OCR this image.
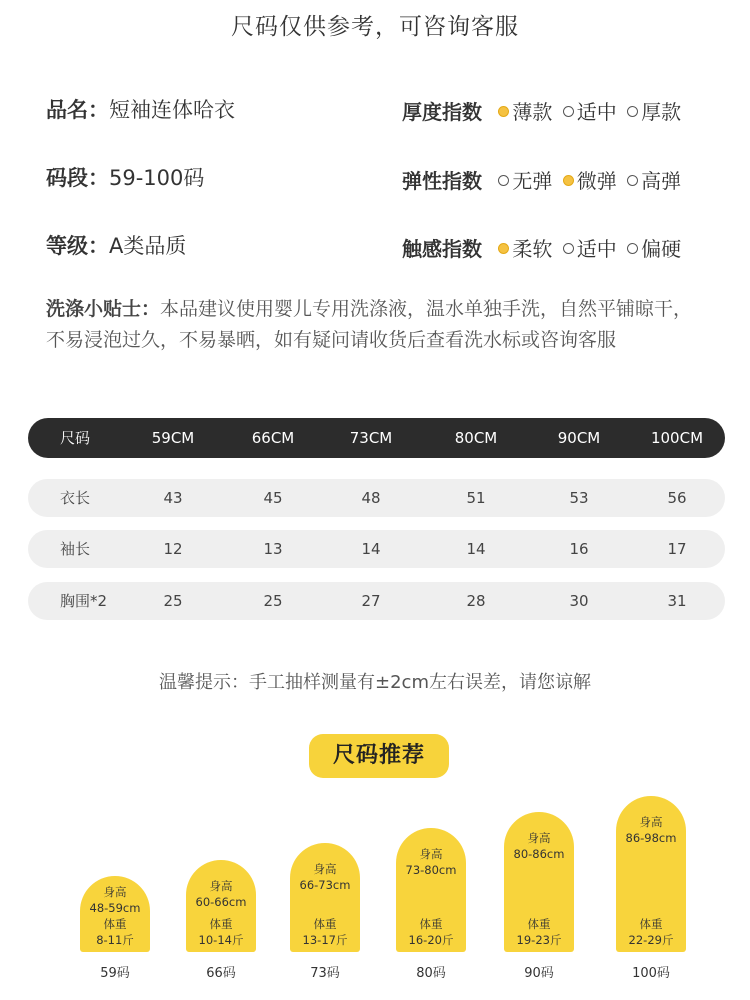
尺码仅供参考，可咨询客服
品名：短袖连体哈衣
码段：59-100码
等级：A类品质
厚度指数 薄款 适中 厚款
弹性指数 无弹 微弹 高弹
触感指数 柔软 适中 偏硬
洗涤小贴士：本品建议使用婴儿专用洗涤液，温水单独手洗，自然平铺晾干，不易浸泡过久，不易暴晒，如有疑问请收货后查看洗水标或咨询客服
尺码	59CM	66CM	73CM	80CM	90CM	100CM
衣长	43	45	48	51	53	56
袖长	12	13	14	14	16	17
胸围*2	25	25	27	28	30	31
温馨提示：手工抽样测量有±2cm左右误差，请您谅解
尺码推荐
身高
48-59cm
体重
8-11斤
身高
60-66cm
体重
10-14斤
身高
66-73cm
体重
13-17斤
身高
73-80cm
体重
16-20斤
身高
80-86cm
体重
19-23斤
身高
86-98cm
体重
22-29斤
59码	66码	73码	80码	90码	100码
